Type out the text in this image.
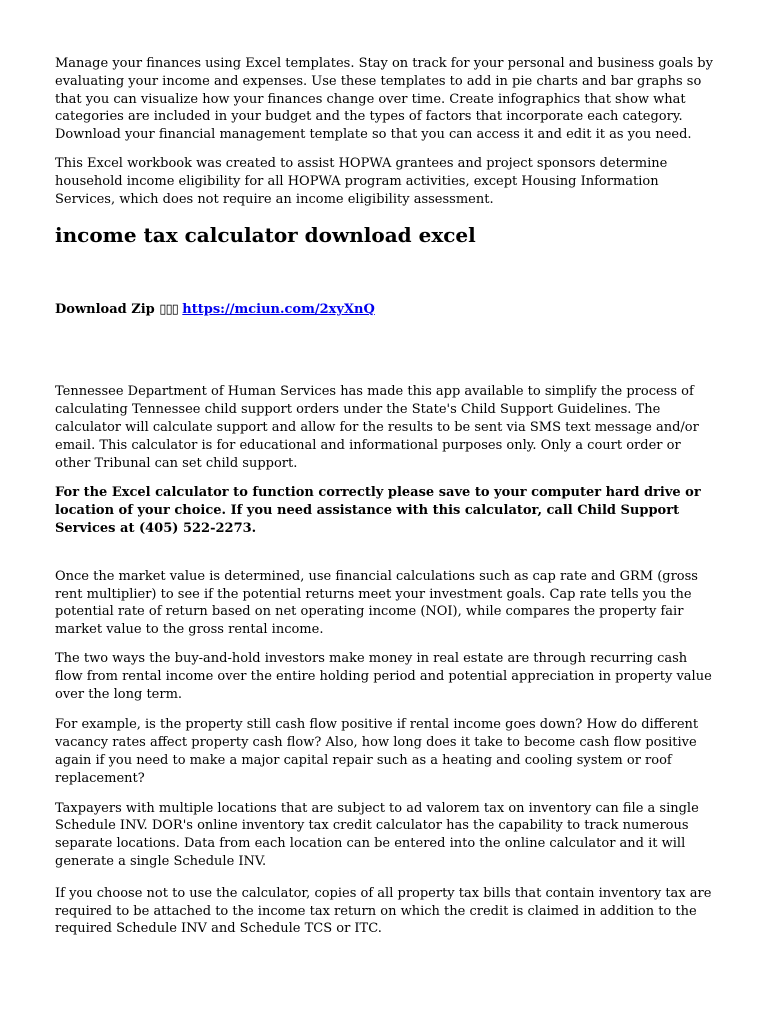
Manage your finances using Excel templates. Stay on track for your personal and business goals by evaluating your income and expenses. Use these templates to add in pie charts and bar graphs so that you can visualize how your finances change over time. Create infographics that show what categories are included in your budget and the types of factors that incorporate each category. Download your financial management template so that you can access it and edit it as you need.

This Excel workbook was created to assist HOPWA grantees and project sponsors determine household income eligibility for all HOPWA program activities, except Housing Information Services, which does not require an income eligibility assessment.

income tax calculator download excel
Download Zip ▯▯▯ https://mciun.com/2xyXnQ

Tennessee Department of Human Services has made this app available to simplify the process of calculating Tennessee child support orders under the State's Child Support Guidelines. The calculator will calculate support and allow for the results to be sent via SMS text message and/or email. This calculator is for educational and informational purposes only. Only a court order or other Tribunal can set child support.

For the Excel calculator to function correctly please save to your computer hard drive or location of your choice. If you need assistance with this calculator, call Child Support Services at (405) 522-2273.

Once the market value is determined, use financial calculations such as cap rate and GRM (gross rent multiplier) to see if the potential returns meet your investment goals. Cap rate tells you the potential rate of return based on net operating income (NOI), while compares the property fair market value to the gross rental income.

The two ways the buy-and-hold investors make money in real estate are through recurring cash flow from rental income over the entire holding period and potential appreciation in property value over the long term.

For example, is the property still cash flow positive if rental income goes down? How do different vacancy rates affect property cash flow? Also, how long does it take to become cash flow positive again if you need to make a major capital repair such as a heating and cooling system or roof replacement?

Taxpayers with multiple locations that are subject to ad valorem tax on inventory can file a single Schedule INV. DOR's online inventory tax credit calculator has the capability to track numerous separate locations. Data from each location can be entered into the online calculator and it will generate a single Schedule INV.

If you choose not to use the calculator, copies of all property tax bills that contain inventory tax are required to be attached to the income tax return on which the credit is claimed in addition to the required Schedule INV and Schedule TCS or ITC.
